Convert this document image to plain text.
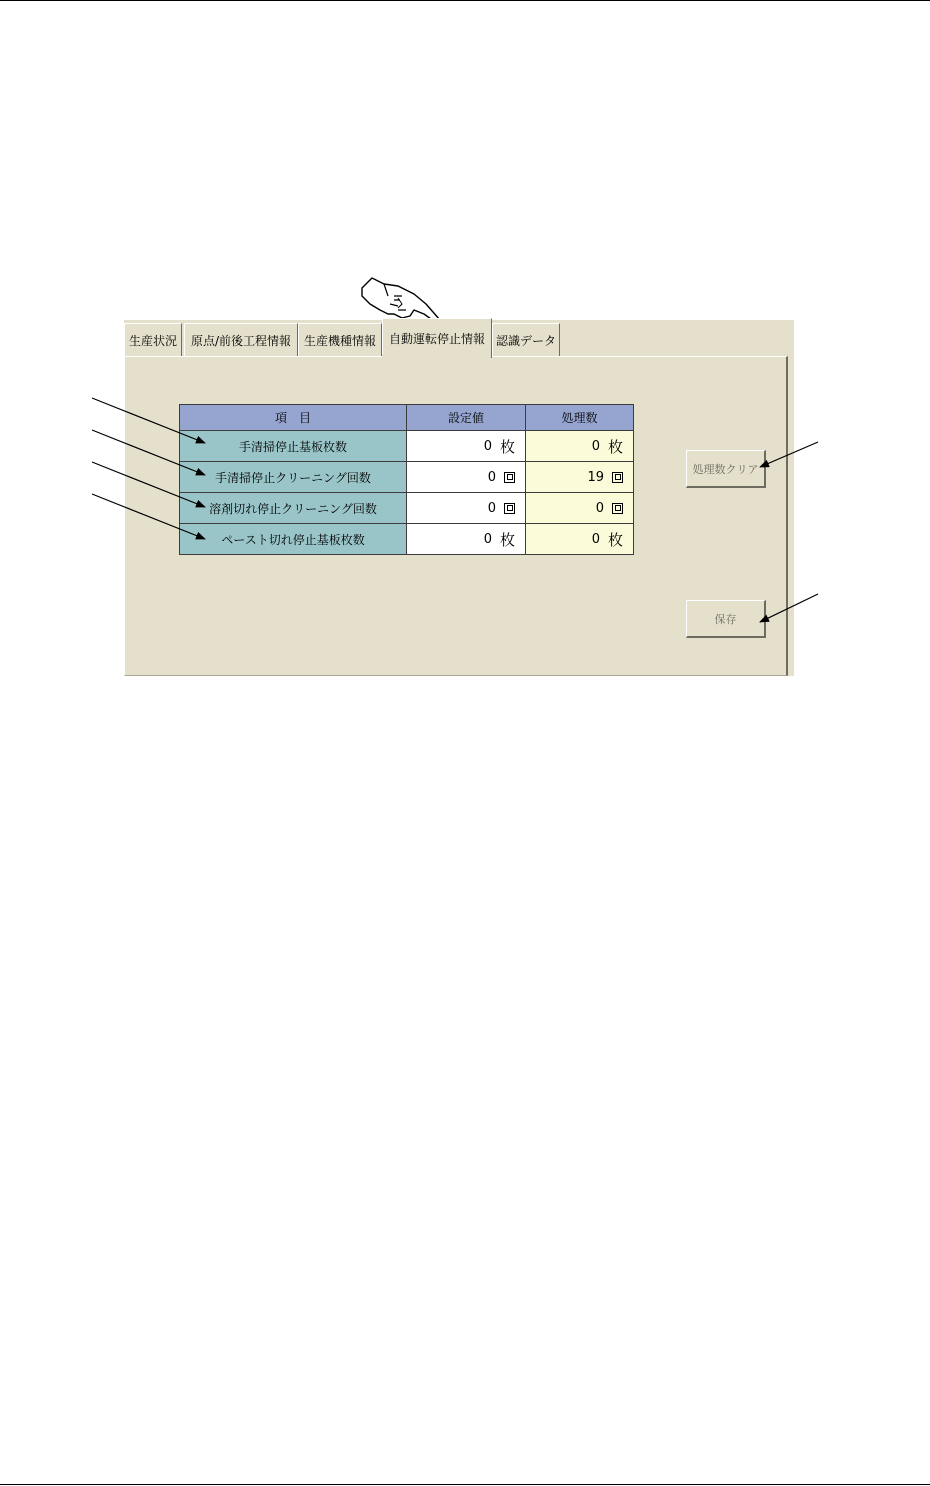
生産状況	原点/前後工程情報	生産機種情報	自動運転停止情報 認識データ
項　目	設定値	処理数
手清掃停止基板枚数	0 枚	0 枚

手清掃停止クリーニング回数	0	19

溶剤切れ停止クリーニング回数	0	0

ペースト切れ停止基板枚数	0 枚	0 枚
処理数クリア
保存
